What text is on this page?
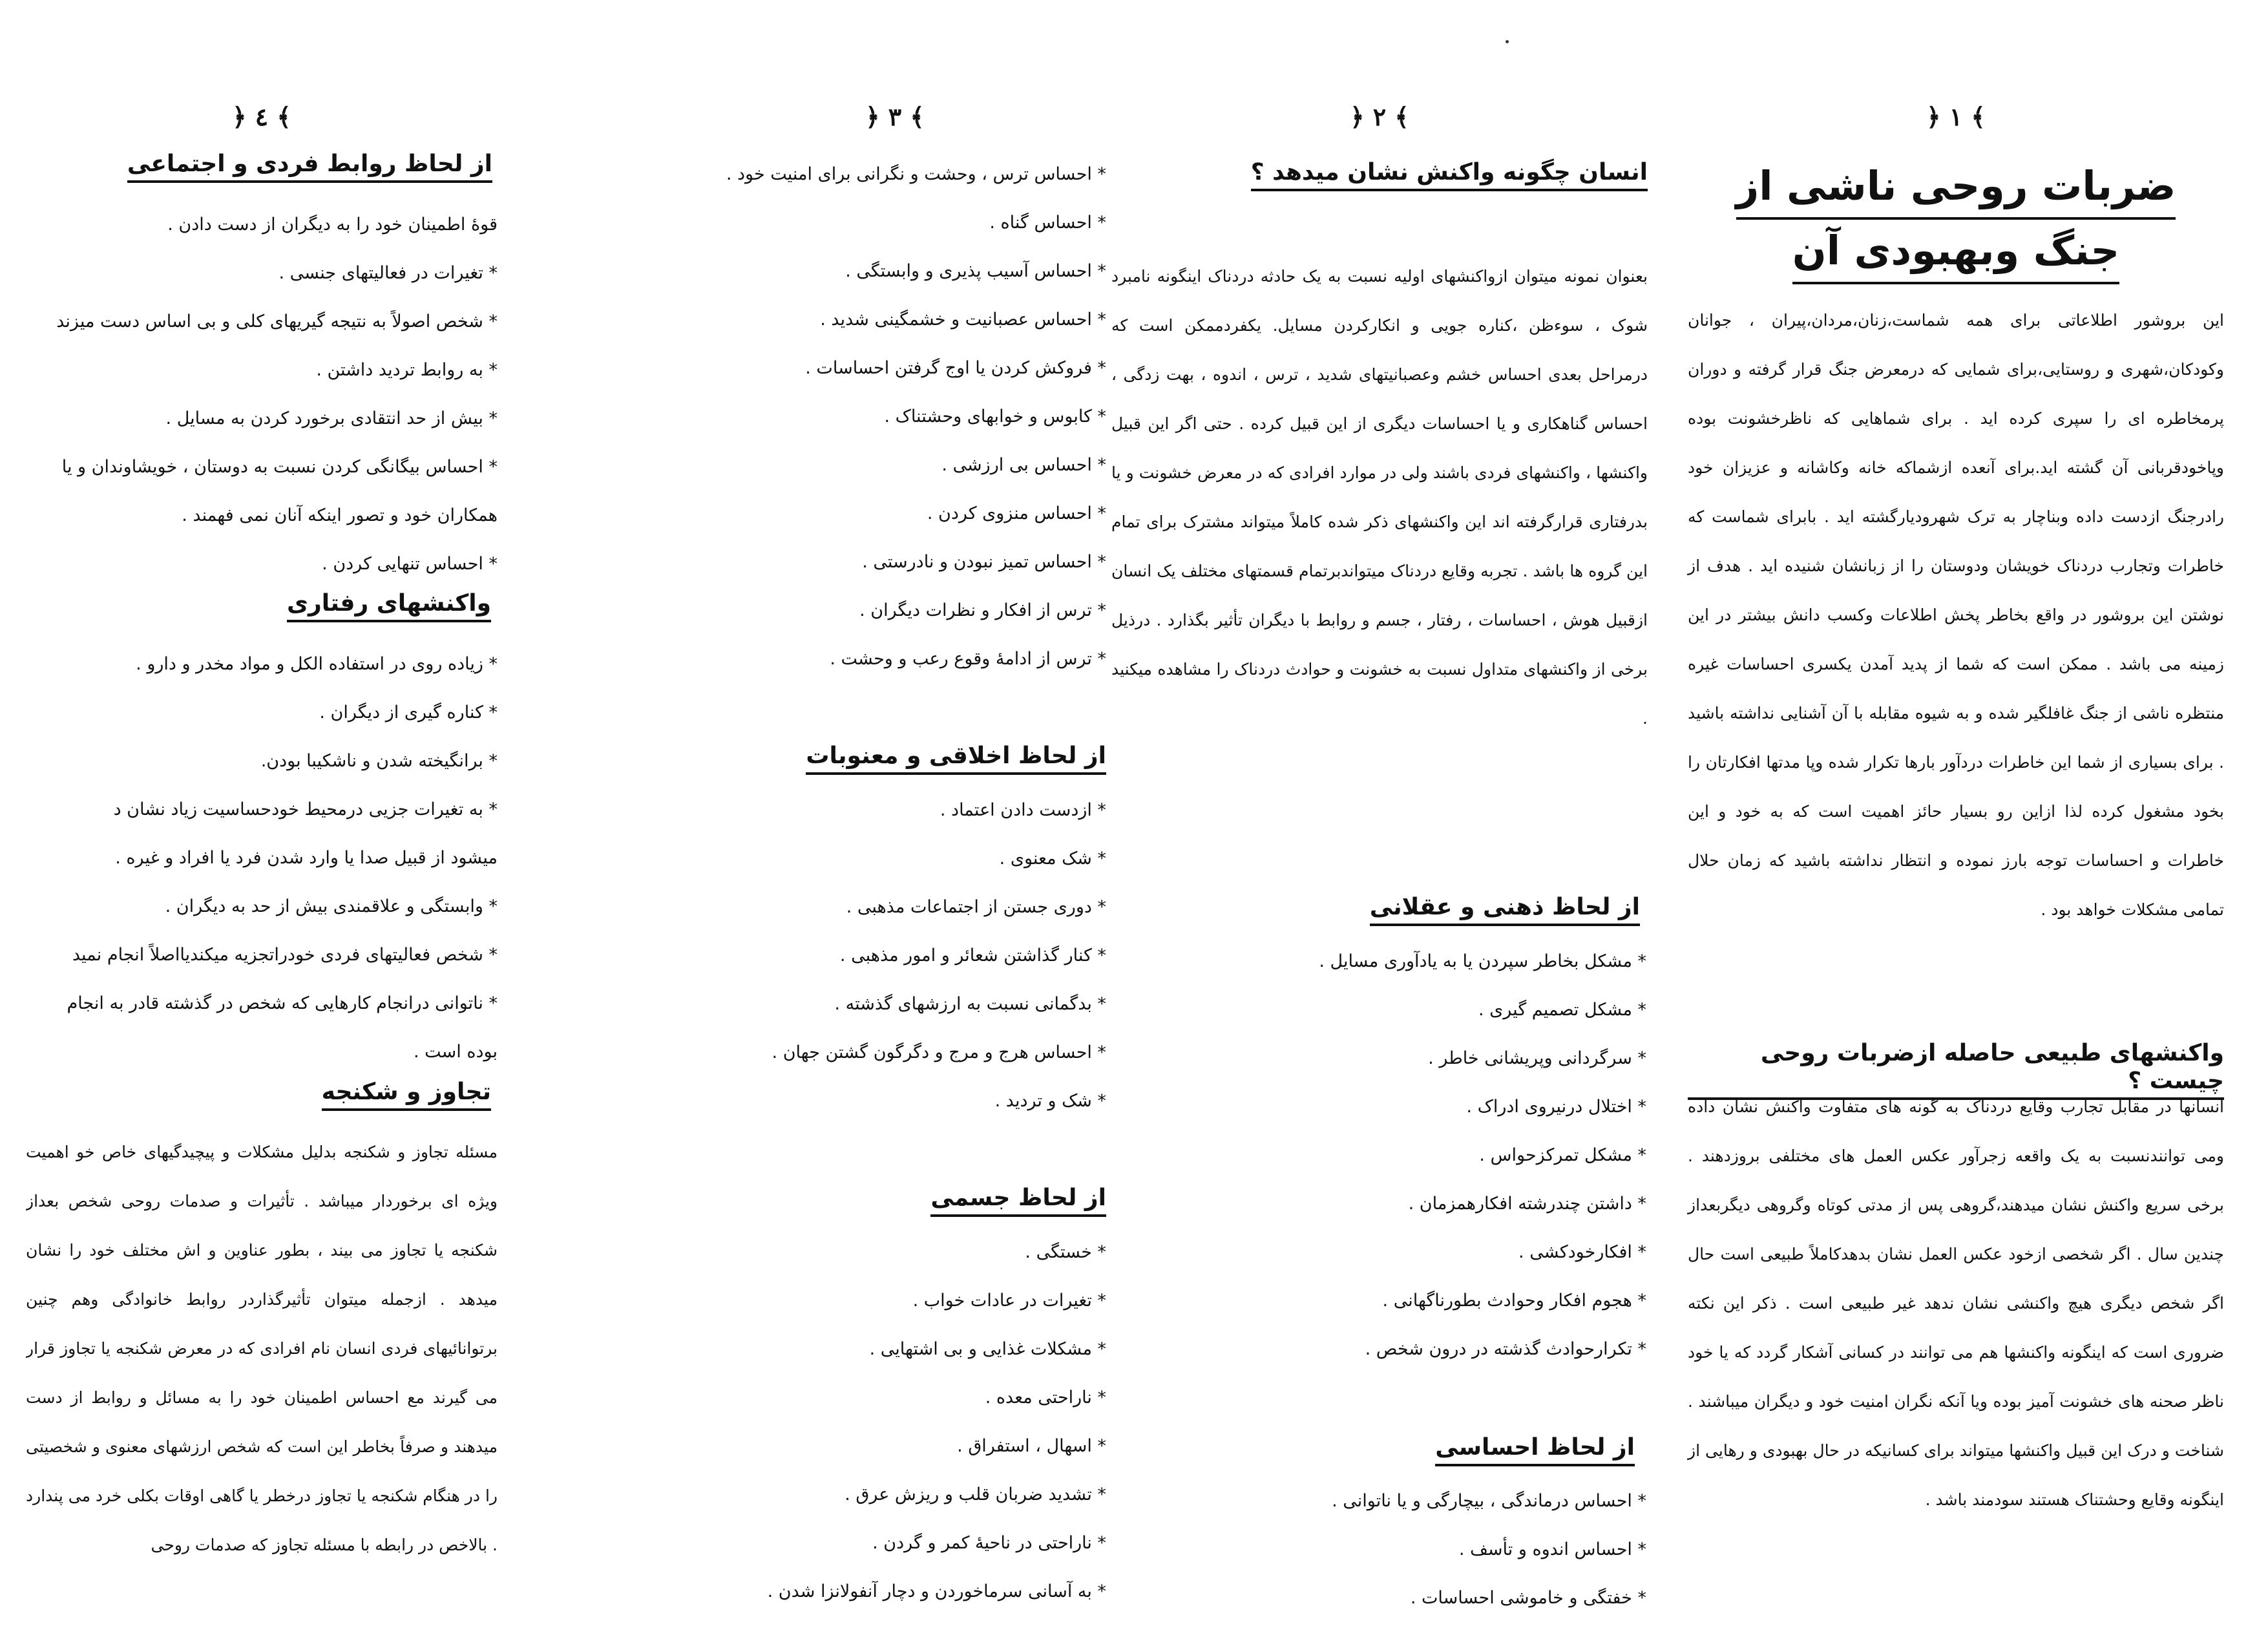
﴿ ۱ ﴾
ضربات روحی ناشی از
جنگ وبهبودی آن
این بروشور اطلاعاتی برای همه شماست،زنان،مردان،پیران ، جوانان وکودکان،شهری و روستایی،برای شمایی که درمعرض جنگ قرار گرفته و دوران پرمخاطره ای را سپری کرده اید . برای شماهایی که ناظرخشونت بوده وپاخودقربانی آن گشته اید.برای آنعده ازشماکه خانه وکاشانه و عزیزان خود رادرجنگ ازدست داده وبناچار به ترک شهرودیارگشته اید . بابرای شماست که خاطرات وتجارب دردناک خویشان ودوستان را از زبانشان شنیده اید . هدف از نوشتن این بروشور در واقع بخاطر پخش اطلاعات وکسب دانش بیشتر در این زمینه می باشد . ممکن است که شما از پدید آمدن یکسری احساسات غیره منتظره ناشی از جنگ غافلگیر شده و به شیوه مقابله با آن آشنایی نداشته باشید . برای بسیاری از شما این خاطرات دردآور بارها تکرار شده وپا مدتها افکارتان را بخود مشغول کرده لذا ازاین رو بسیار حائز اهمیت است که به خود و این خاطرات و احساسات توجه بارز نموده و انتظار نداشته باشید که زمان حلال تمامی مشکلات خواهد بود .
واکنشهای طبیعی حاصله ازضربات روحی چیست ؟
انسانها در مقابل تجارب وقایع دردناک به گونه های متفاوت واکنش نشان داده ومی توانندنسبت به یک واقعه زجرآور عکس العمل های مختلفی بروزدهند . برخی سریع واکنش نشان میدهند،گروهی پس از مدتی کوتاه وگروهی دیگربعداز چندین سال . اگر شخصی ازخود عکس العمل نشان بدهدکاملاً طبیعی است حال اگر شخص دیگری هیچ واکنشی نشان ندهد غیر طبیعی است . ذکر این نکته ضروری است که اینگونه واکنشها هم می توانند در کسانی آشکار گردد که یا خود ناظر صحنه های خشونت آمیز بوده ویا آنکه نگران امنیت خود و دیگران میباشند . شناخت و درک این قبیل واکنشها میتواند برای کسانیکه در حال بهبودی و رهایی از اینگونه وقایع وحشتناک هستند سودمند باشد .
﴿ ۲ ﴾
انسان چگونه واکنش نشان میدهد ؟
بعنوان نمونه میتوان ازواکنشهای اولیه نسبت به یک حادثه دردناک اینگونه نامبرد شوک ، سوءظن ،کناره جویی و انکارکردن مسایل. یکفردممکن است که درمراحل بعدی احساس خشم وعصبانیتهای شدید ، ترس ، اندوه ، بهت زدگی ، احساس گناهکاری و یا احساسات دیگری از این قبیل کرده . حتی اگر این قبیل واکنشها ، واکنشهای فردی باشند ولی در موارد افرادی که در معرض خشونت و یا بدرفتاری قرارگرفته اند این واکنشهای ذکر شده کاملاً میتواند مشترک برای تمام این گروه ها باشد . تجربه وقایع دردناک میتواندبرتمام قسمتهای مختلف یک انسان ازقبیل هوش ، احساسات ، رفتار ، جسم و روابط با دیگران تأثیر بگذارد . درذیل برخی از واکنشهای متداول نسبت به خشونت و حوادث دردناک را مشاهده میکنید .
از لحاظ ذهنی و عقلانی
* مشکل بخاطر سپردن یا به یادآوری مسایل .
* مشکل تصمیم گیری .
* سرگردانی وپریشانی خاطر .
* اختلال درنیروی ادراک .
* مشکل تمرکزحواس .
* داشتن چندرشته افکارهمزمان .
* افکارخودکشی .
* هجوم افکار وحوادث بطورناگهانی .
* تکرارحوادث گذشته در درون شخص .
از لحاظ احساسی
* احساس درماندگی ، بیچارگی و یا ناتوانی .
* احساس اندوه و تأسف .
* خفتگی و خاموشی احساسات .
﴿ ۳ ﴾
* احساس ترس ، وحشت و نگرانی برای امنیت خود .
* احساس گناه .
* احساس آسیب پذیری و وابستگی .
* احساس عصبانیت و خشمگینی شدید .
* فروکش کردن یا اوج گرفتن احساسات .
* کابوس و خوابهای وحشتناک .
* احساس بی ارزشی .
* احساس منزوی کردن .
* احساس تمیز نبودن و نادرستی .
* ترس از افکار و نظرات دیگران .
* ترس از ادامهٔ وقوع رعب و وحشت .
از لحاظ اخلاقی و معنوبات
* ازدست دادن اعتماد .
* شک معنوی .
* دوری جستن از اجتماعات مذهبی .
* کنار گذاشتن شعائر و امور مذهبی .
* بدگمانی نسبت به ارزشهای گذشته .
* احساس هرج و مرج و دگرگون گشتن جهان .
* شک و تردید .
از لحاظ جسمی
* خستگی .
* تغیرات در عادات خواب .
* مشکلات غذایی و بی اشتهایی .
* ناراحتی معده .
* اسهال ، استفراق .
* تشدید ضربان قلب و ریزش عرق .
* ناراحتی در ناحیهٔ کمر و گردن .
* به آسانی سرماخوردن و دچار آنفولانزا شدن .
﴿ ٤ ﴾
از لحاظ روابط فردی و اجتماعی
قوهٔ اطمینان خود را به دیگران از دست دادن .
* تغیرات در فعالیتهای جنسی .
* شخص اصولاً به نتیجه گیریهای کلی و بی اساس دست میزند
* به روابط تردید داشتن .
* بیش از حد انتقادی برخورد کردن به مسایل .
* احساس بیگانگی کردن نسبت به دوستان ، خویشاوندان و یا
همکاران خود و تصور اینکه آنان نمی فهمند .
* احساس تنهایی کردن .
واکنشهای رفتاری
* زیاده روی در استفاده الکل و مواد مخدر و دارو .
* کناره گیری از دیگران .
* برانگیخته شدن و ناشکیبا بودن.
* به تغیرات جزیی درمحیط خودحساسیت زیاد نشان د
میشود از قبیل صدا یا وارد شدن فرد یا افراد و غیره .
* وابستگی و علاقمندی بیش از حد به دیگران .
* شخص فعالیتهای فردی خودراتجزیه میکندیااصلاً انجام نمید
* ناتوانی درانجام کارهایی که شخص در گذشته قادر به انجام
بوده است .
تجاوز و شکنجه
مسئله تجاوز و شکنجه بدلیل مشکلات و پیچیدگیهای خاص خو اهمیت ویژه ای برخوردار میباشد . تأثیرات و صدمات روحی شخص بعداز شکنجه یا تجاوز می بیند ، بطور عناوین و اش مختلف خود را نشان میدهد . ازجمله میتوان تأثیرگذاردر روابط خانوادگی وهم چنین برتوانائیهای فردی انسان نام افرادی که در معرض شکنجه یا تجاوز قرار می گیرند مع احساس اطمینان خود را به مسائل و روابط از دست میدهند و صرفاً بخاطر این است که شخص ارزشهای معنوی و شخصیتی را در هنگام شکنجه یا تجاوز درخطر یا گاهی اوقات بکلی خرد می پندارد . بالاخص در رابطه با مسئله تجاوز که صدمات روحی
